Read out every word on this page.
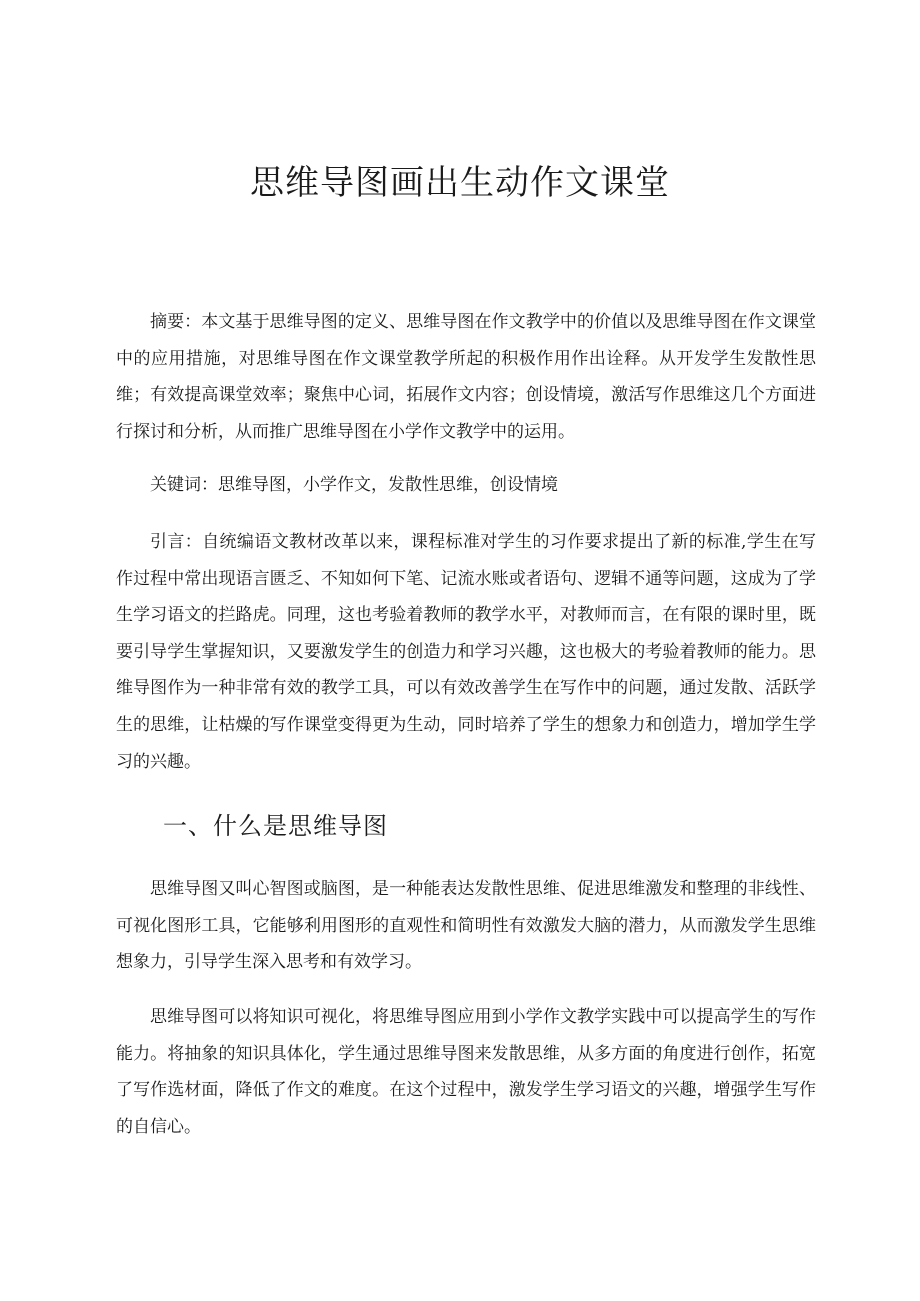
思维导图画出生动作文课堂

摘要：本文基于思维导图的定义、思维导图在作文教学中的价值以及思维导图在作文课堂中的应用措施，对思维导图在作文课堂教学所起的积极作用作出诠释。从开发学生发散性思维；有效提高课堂效率；聚焦中心词，拓展作文内容；创设情境，激活写作思维这几个方面进行探讨和分析，从而推广思维导图在小学作文教学中的运用。

关键词：思维导图，小学作文，发散性思维，创设情境

引言：自统编语文教材改革以来，课程标准对学生的习作要求提出了新的标准,学生在写作过程中常出现语言匮乏、不知如何下笔、记流水账或者语句、逻辑不通等问题，这成为了学生学习语文的拦路虎。同理，这也考验着教师的教学水平，对教师而言，在有限的课时里，既要引导学生掌握知识，又要激发学生的创造力和学习兴趣，这也极大的考验着教师的能力。思维导图作为一种非常有效的教学工具，可以有效改善学生在写作中的问题，通过发散、活跃学生的思维，让枯燥的写作课堂变得更为生动，同时培养了学生的想象力和创造力，增加学生学习的兴趣。

一、什么是思维导图

思维导图又叫心智图或脑图，是一种能表达发散性思维、促进思维激发和整理的非线性、可视化图形工具，它能够利用图形的直观性和简明性有效激发大脑的潜力，从而激发学生思维想象力，引导学生深入思考和有效学习。

思维导图可以将知识可视化，将思维导图应用到小学作文教学实践中可以提高学生的写作能力。将抽象的知识具体化，学生通过思维导图来发散思维，从多方面的角度进行创作，拓宽了写作选材面，降低了作文的难度。在这个过程中，激发学生学习语文的兴趣，增强学生写作的自信心。
